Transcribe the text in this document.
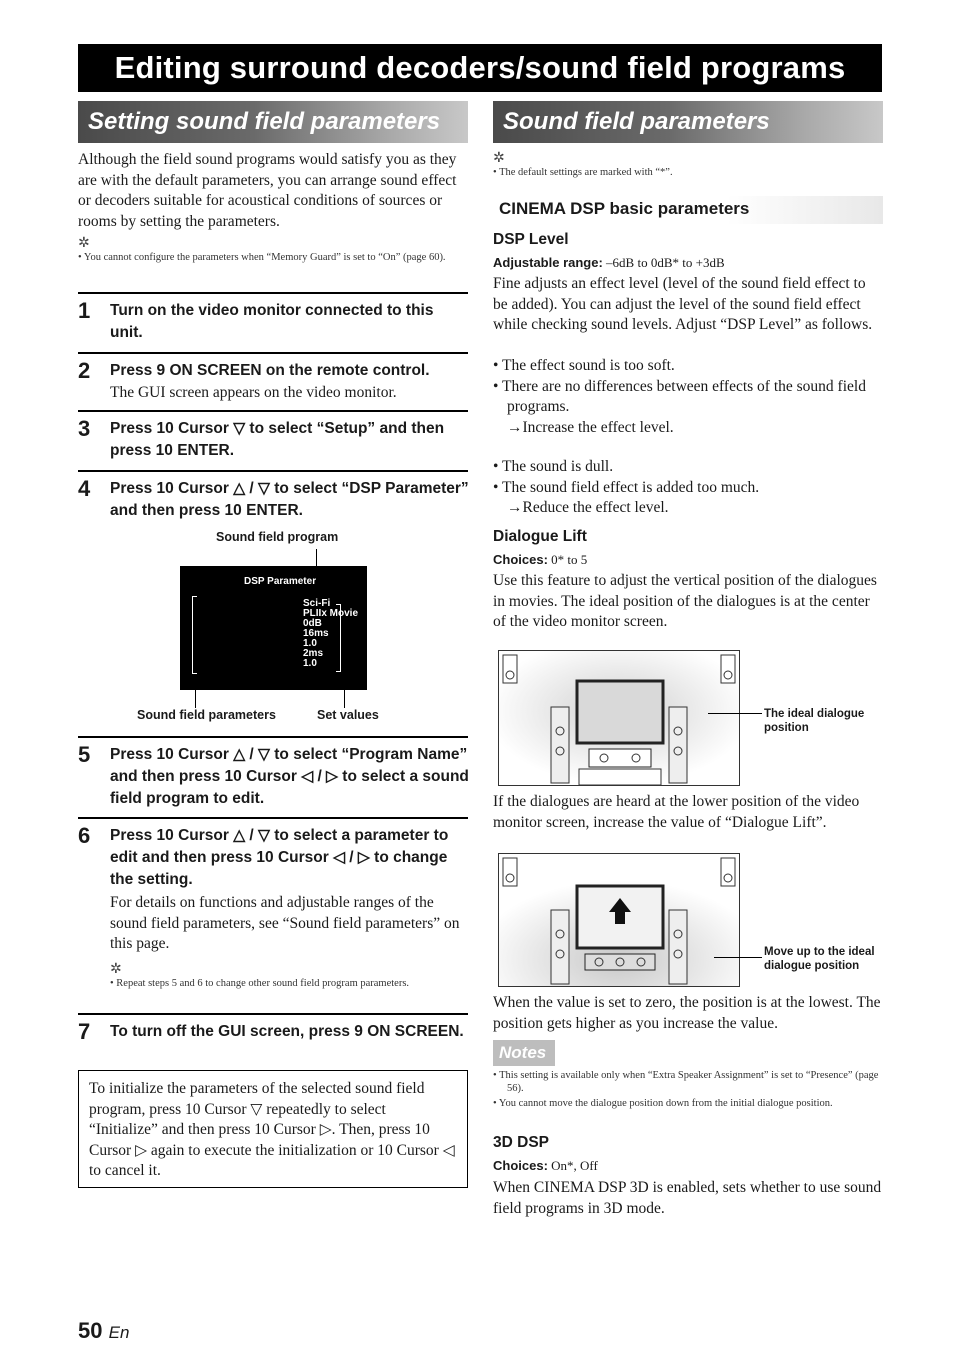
Editing surround decoders/sound field programs
Setting sound field parameters	Sound field parameters
Although the field sound programs would satisfy you as they are with the default parameters, you can arrange sound effect or decoders suitable for acoustical conditions of sources or rooms by setting the parameters.
✲
• You cannot configure the parameters when “Memory Guard” is set to “On” (page 60).
1	Turn on the video monitor connected to this unit.
2	Press 9 ON SCREEN on the remote control.
The GUI screen appears on the video monitor.
3	Press 10 Cursor ▽ to select “Setup” and then press 10 ENTER.
4	Press 10 Cursor △ / ▽ to select “DSP Parameter” and then press 10 ENTER.
Sound field program
DSP Parameter
Program Name	Sci-Fi
Decode Type	PLIIx Movie
DSP Level	0dB
P. Initial Delay	16ms
P. Room Size	1.0
Sur. Initial Delay	2ms
Sur. Room Size	1.0
Sound field parameters	Set values
5	Press 10 Cursor △ / ▽ to select “Program Name” and then press 10 Cursor ◁ / ▷ to select a sound field program to edit.
6	Press 10 Cursor △ / ▽ to select a parameter to edit and then press 10 Cursor ◁ / ▷ to change the setting.
For details on functions and adjustable ranges of the sound field parameters, see “Sound field parameters” on this page.
✲
• Repeat steps 5 and 6 to change other sound field program parameters.
7	To turn off the GUI screen, press 9 ON SCREEN.
To initialize the parameters of the selected sound field program, press 10 Cursor ▽ repeatedly to select “Initialize” and then press 10 Cursor ▷. Then, press 10 Cursor ▷ again to execute the initialization or 10 Cursor ◁ to cancel it.
✲
• The default settings are marked with “*”.
CINEMA DSP basic parameters
DSP Level
Adjustable range: –6dB to 0dB* to +3dB
Fine adjusts an effect level (level of the sound field effect to be added). You can adjust the level of the sound field effect while checking sound levels. Adjust “DSP Level” as follows.
• The effect sound is too soft.
• There are no differences between effects of the sound field programs.
→Increase the effect level.
• The sound is dull.
• The sound field effect is added too much.
→Reduce the effect level.
Dialogue Lift
Choices: 0* to 5
Use this feature to adjust the vertical position of the dialogues in movies. The ideal position of the dialogues is at the center of the video monitor screen.
The ideal dialogue position
If the dialogues are heard at the lower position of the video monitor screen, increase the value of “Dialogue Lift”.
Move up to the ideal dialogue position
When the value is set to zero, the position is at the lowest. The position gets higher as you increase the value.
Notes
• This setting is available only when “Extra Speaker Assignment” is set to “Presence” (page 56).
• You cannot move the dialogue position down from the initial dialogue position.
3D DSP
Choices: On*, Off
When CINEMA DSP 3D is enabled, sets whether to use sound field programs in 3D mode.
50 En
